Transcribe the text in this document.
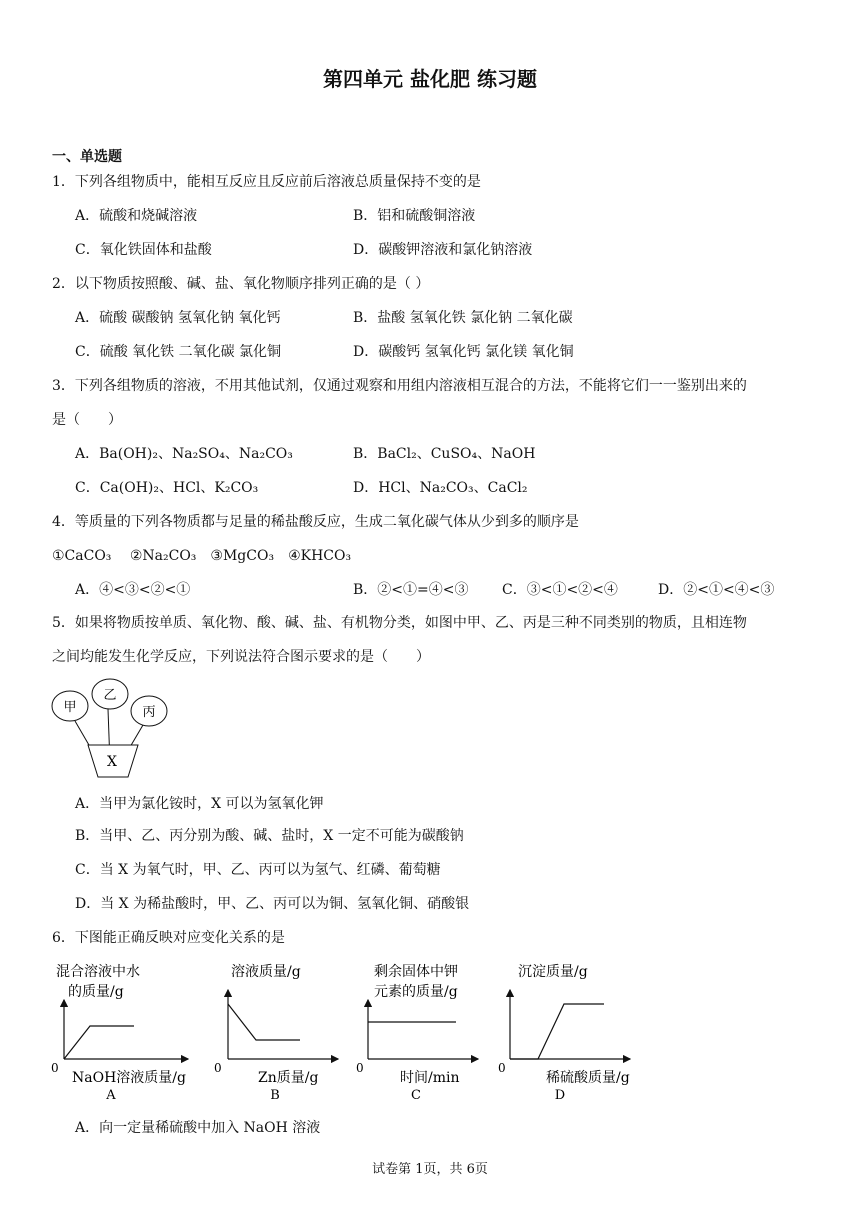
第四单元 盐化肥 练习题
一、单选题
1．下列各组物质中，能相互反应且反应前后溶液总质量保持不变的是
A．硫酸和烧碱溶液	B．铝和硫酸铜溶液
C．氧化铁固体和盐酸	D．碳酸钾溶液和氯化钠溶液
2．以下物质按照酸、碱、盐、氧化物顺序排列正确的是（ ）
A．硫酸 碳酸钠 氢氧化钠 氧化钙	B．盐酸 氢氧化铁 氯化钠 二氧化碳
C．硫酸 氧化铁 二氧化碳 氯化铜	D．碳酸钙 氢氧化钙 氯化镁 氧化铜
3．下列各组物质的溶液，不用其他试剂，仅通过观察和用组内溶液相互混合的方法，不能将它们一一鉴别出来的
是（　　）
A．Ba(OH)₂、Na₂SO₄、Na₂CO₃	B．BaCl₂、CuSO₄、NaOH
C．Ca(OH)₂、HCl、K₂CO₃	D．HCl、Na₂CO₃、CaCl₂
4．等质量的下列各物质都与足量的稀盐酸反应，生成二氧化碳气体从少到多的顺序是
①CaCO₃　 ②Na₂CO₃　③MgCO₃　④KHCO₃
A．④<③<②<①	B．②<①=④<③ C．③<①<②<④	D．②<①<④<③
5．如果将物质按单质、氧化物、酸、碱、盐、有机物分类，如图中甲、乙、丙是三种不同类别的物质，且相连物
之间均能发生化学反应，下列说法符合图示要求的是（　　）
甲
乙
丙
X
A．当甲为氯化铵时，X 可以为氢氧化钾
B．当甲、乙、丙分别为酸、碱、盐时，X 一定不可能为碳酸钠
C．当 X 为氧气时，甲、乙、丙可以为氢气、红磷、葡萄糖
D．当 X 为稀盐酸时，甲、乙、丙可以为铜、氢氧化铜、硝酸银
6．下图能正确反映对应变化关系的是
混合溶液中水
的质量/g
0
NaOH溶液质量/g
A
溶液质量/g
0
Zn质量/g
B
剩余固体中钾
元素的质量/g
0
时间/min
C
沉淀质量/g
0
稀硫酸质量/g
D
A．向一定量稀硫酸中加入 NaOH 溶液
试卷第 1页，共 6页
